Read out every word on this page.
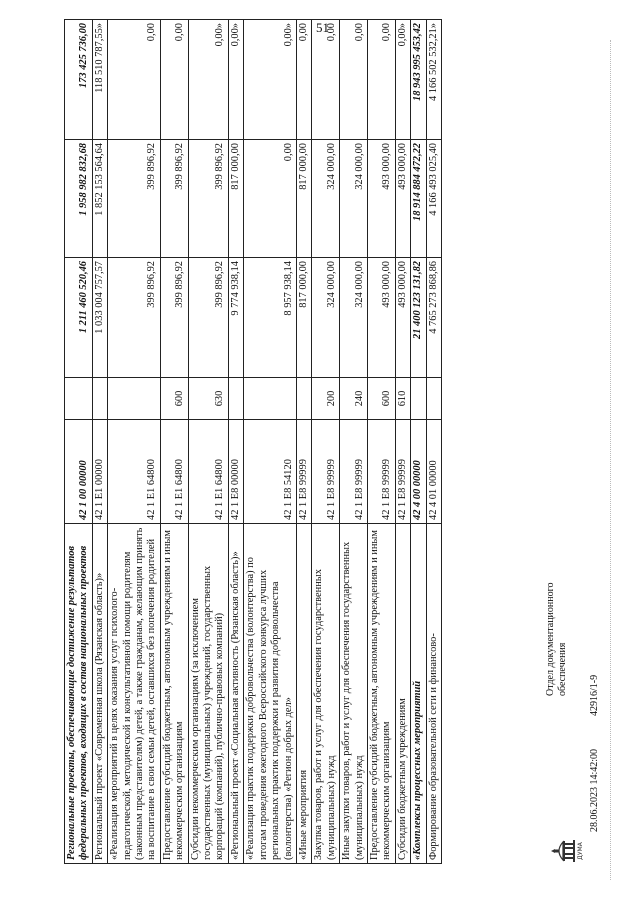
51
Региональные проекты, обеспечивающие достижение результатов федеральных проектов, входящих в состав национальных проектов	42 1 00 00000		1 211 460 520,46	1 958 982 832,68	173 425 736,00
Региональный проект «Современная школа (Рязанская область)»	42 1 E1 00000		1 033 004 757,57	1 852 153 564,64	118 510 787,55»
«Реализация мероприятий в целях оказания услуг психолого-педагогической, методической и консультативной помощи родителям (законным представителям) детей, а также гражданам, желающим принять на воспитание в свои семьи детей, оставшихся без попечения родителей	42 1 E1 64800		399 896,92	399 896,92	0,00
Предоставление субсидий бюджетным, автономным учреждениям и иным некоммерческим организациям	42 1 E1 64800	600	399 896,92	399 896,92	0,00
Субсидии некоммерческим организациям (за исключением государственных (муниципальных) учреждений, государственных корпораций (компаний), публично-правовых компаний)	42 1 E1 64800	630	399 896,92	399 896,92	0,00»
«Региональный проект «Социальная активность (Рязанская область)»	42 1 E8 00000		9 774 938,14	817 000,00	0,00»
«Реализация практик поддержки добровольчества (волонтерства) по итогам проведения ежегодного Всероссийского конкурса лучших региональных практик поддержки и развития добровольчества (волонтерства) «Регион добрых дел»	42 1 E8 54120		8 957 938,14	0,00	0,00»
«Иные мероприятия	42 1 E8 99999		817 000,00	817 000,00	0,00
Закупка товаров, работ и услуг для обеспечения государственных (муниципальных) нужд	42 1 E8 99999	200	324 000,00	324 000,00	0,00
Иные закупки товаров, работ и услуг для обеспечения государственных (муниципальных) нужд	42 1 E8 99999	240	324 000,00	324 000,00	0,00
Предоставление субсидий бюджетным, автономным учреждениям и иным некоммерческим организациям	42 1 E8 99999	600	493 000,00	493 000,00	0,00
Субсидии бюджетным учреждениям	42 1 E8 99999	610	493 000,00	493 000,00	0,00»
«Комплексы процессных мероприятий	42 4 00 00000		21 400 123 131,82	18 914 884 472,22	18 943 995 453,42
Формирование образовательной сети и финансово-	42 4 01 00000		4 765 273 868,86	4 166 493 025,40	4 166 502 532,21»
ДУМА
28.06.2023 14:42:00
42916/1-9
Отдел документационного обеспечения
